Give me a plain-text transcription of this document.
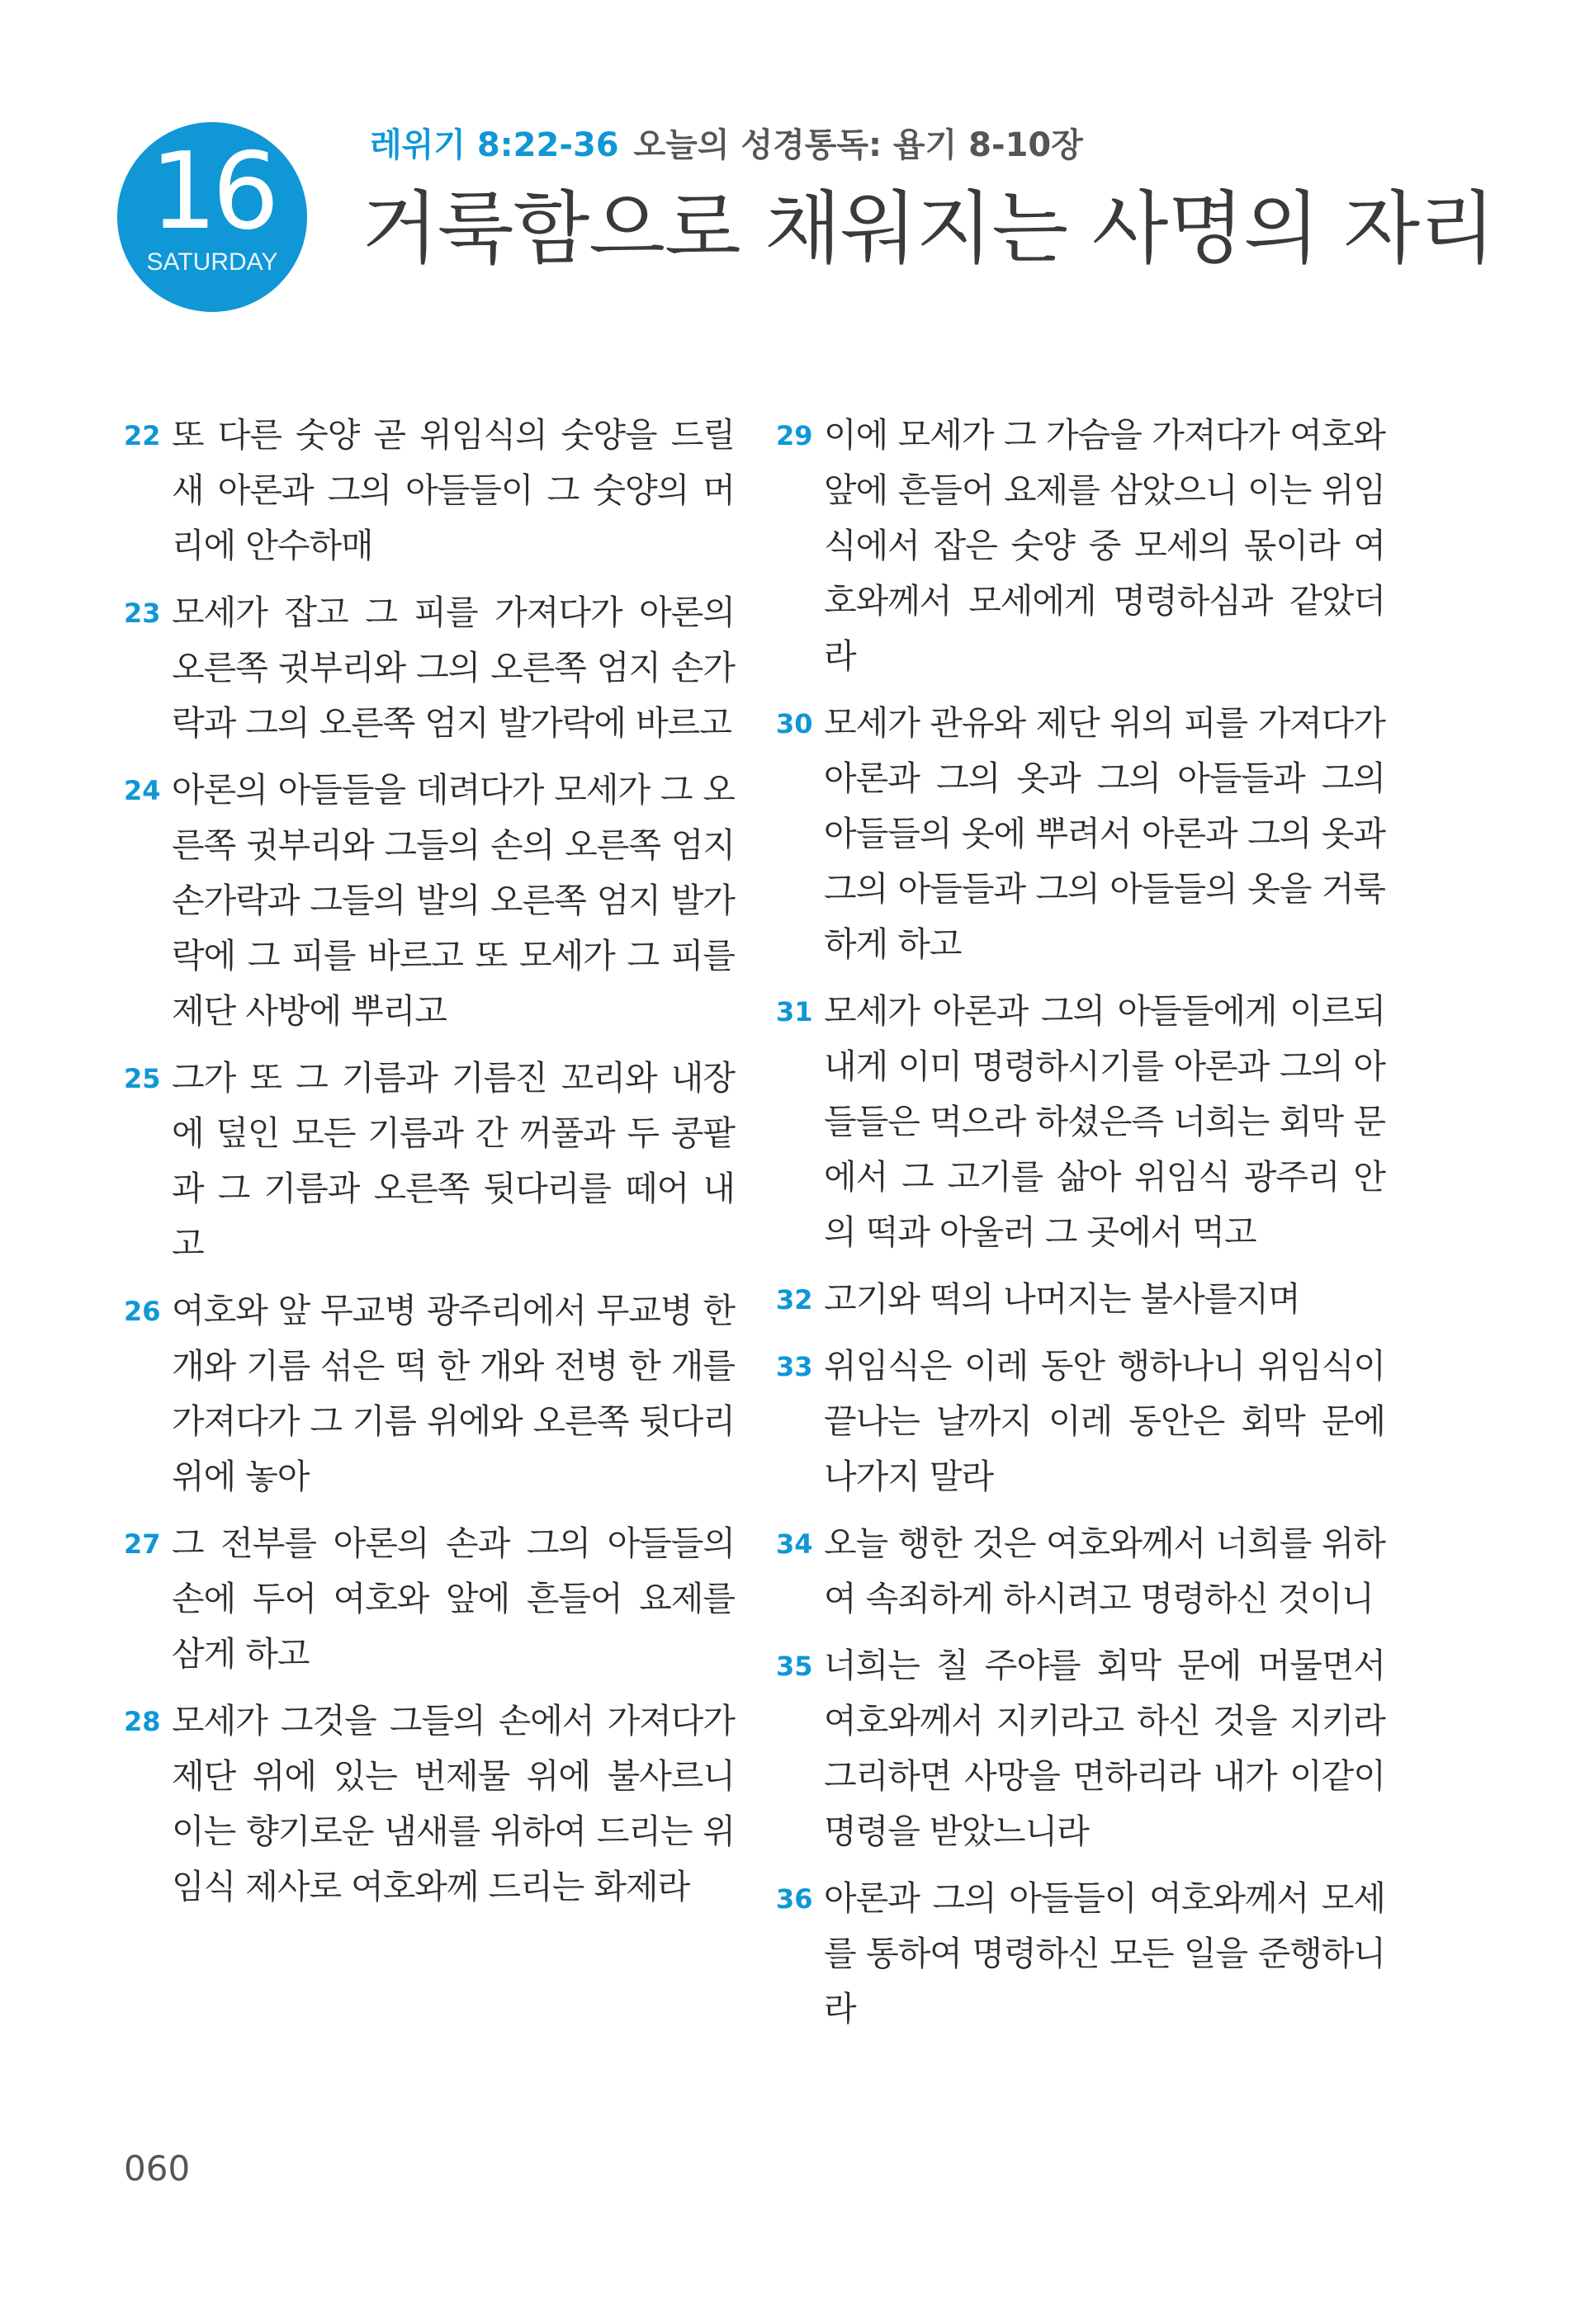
16
SATURDAY
레위기 8:22-36 오늘의 성경통독: 욥기 8-10장
거룩함으로 채워지는 사명의 자리
22 또 다른 숫양 곧 위임식의 숫양을 드릴 새 아론과 그의 아들들이 그 숫양의 머리에 안수하매
23 모세가 잡고 그 피를 가져다가 아론의 오른쪽 귓부리와 그의 오른쪽 엄지 손가락과 그의 오른쪽 엄지 발가락에 바르고
24 아론의 아들들을 데려다가 모세가 그 오른쪽 귓부리와 그들의 손의 오른쪽 엄지 손가락과 그들의 발의 오른쪽 엄지 발가락에 그 피를 바르고 또 모세가 그 피를 제단 사방에 뿌리고
25 그가 또 그 기름과 기름진 꼬리와 내장에 덮인 모든 기름과 간 꺼풀과 두 콩팥과 그 기름과 오른쪽 뒷다리를 떼어 내고
26 여호와 앞 무교병 광주리에서 무교병 한 개와 기름 섞은 떡 한 개와 전병 한 개를 가져다가 그 기름 위에와 오른쪽 뒷다리 위에 놓아
27 그 전부를 아론의 손과 그의 아들들의 손에 두어 여호와 앞에 흔들어 요제를 삼게 하고
28 모세가 그것을 그들의 손에서 가져다가 제단 위에 있는 번제물 위에 불사르니 이는 향기로운 냄새를 위하여 드리는 위임식 제사로 여호와께 드리는 화제라
29 이에 모세가 그 가슴을 가져다가 여호와 앞에 흔들어 요제를 삼았으니 이는 위임식에서 잡은 숫양 중 모세의 몫이라 여호와께서 모세에게 명령하심과 같았더라
30 모세가 관유와 제단 위의 피를 가져다가 아론과 그의 옷과 그의 아들들과 그의 아들들의 옷에 뿌려서 아론과 그의 옷과 그의 아들들과 그의 아들들의 옷을 거룩하게 하고
31 모세가 아론과 그의 아들들에게 이르되 내게 이미 명령하시기를 아론과 그의 아들들은 먹으라 하셨은즉 너희는 회막 문에서 그 고기를 삶아 위임식 광주리 안의 떡과 아울러 그 곳에서 먹고
32 고기와 떡의 나머지는 불사를지며
33 위임식은 이레 동안 행하나니 위임식이 끝나는 날까지 이레 동안은 회막 문에 나가지 말라
34 오늘 행한 것은 여호와께서 너희를 위하여 속죄하게 하시려고 명령하신 것이니
35 너희는 칠 주야를 회막 문에 머물면서 여호와께서 지키라고 하신 것을 지키라 그리하면 사망을 면하리라 내가 이같이 명령을 받았느니라
36 아론과 그의 아들들이 여호와께서 모세를 통하여 명령하신 모든 일을 준행하니라
060
